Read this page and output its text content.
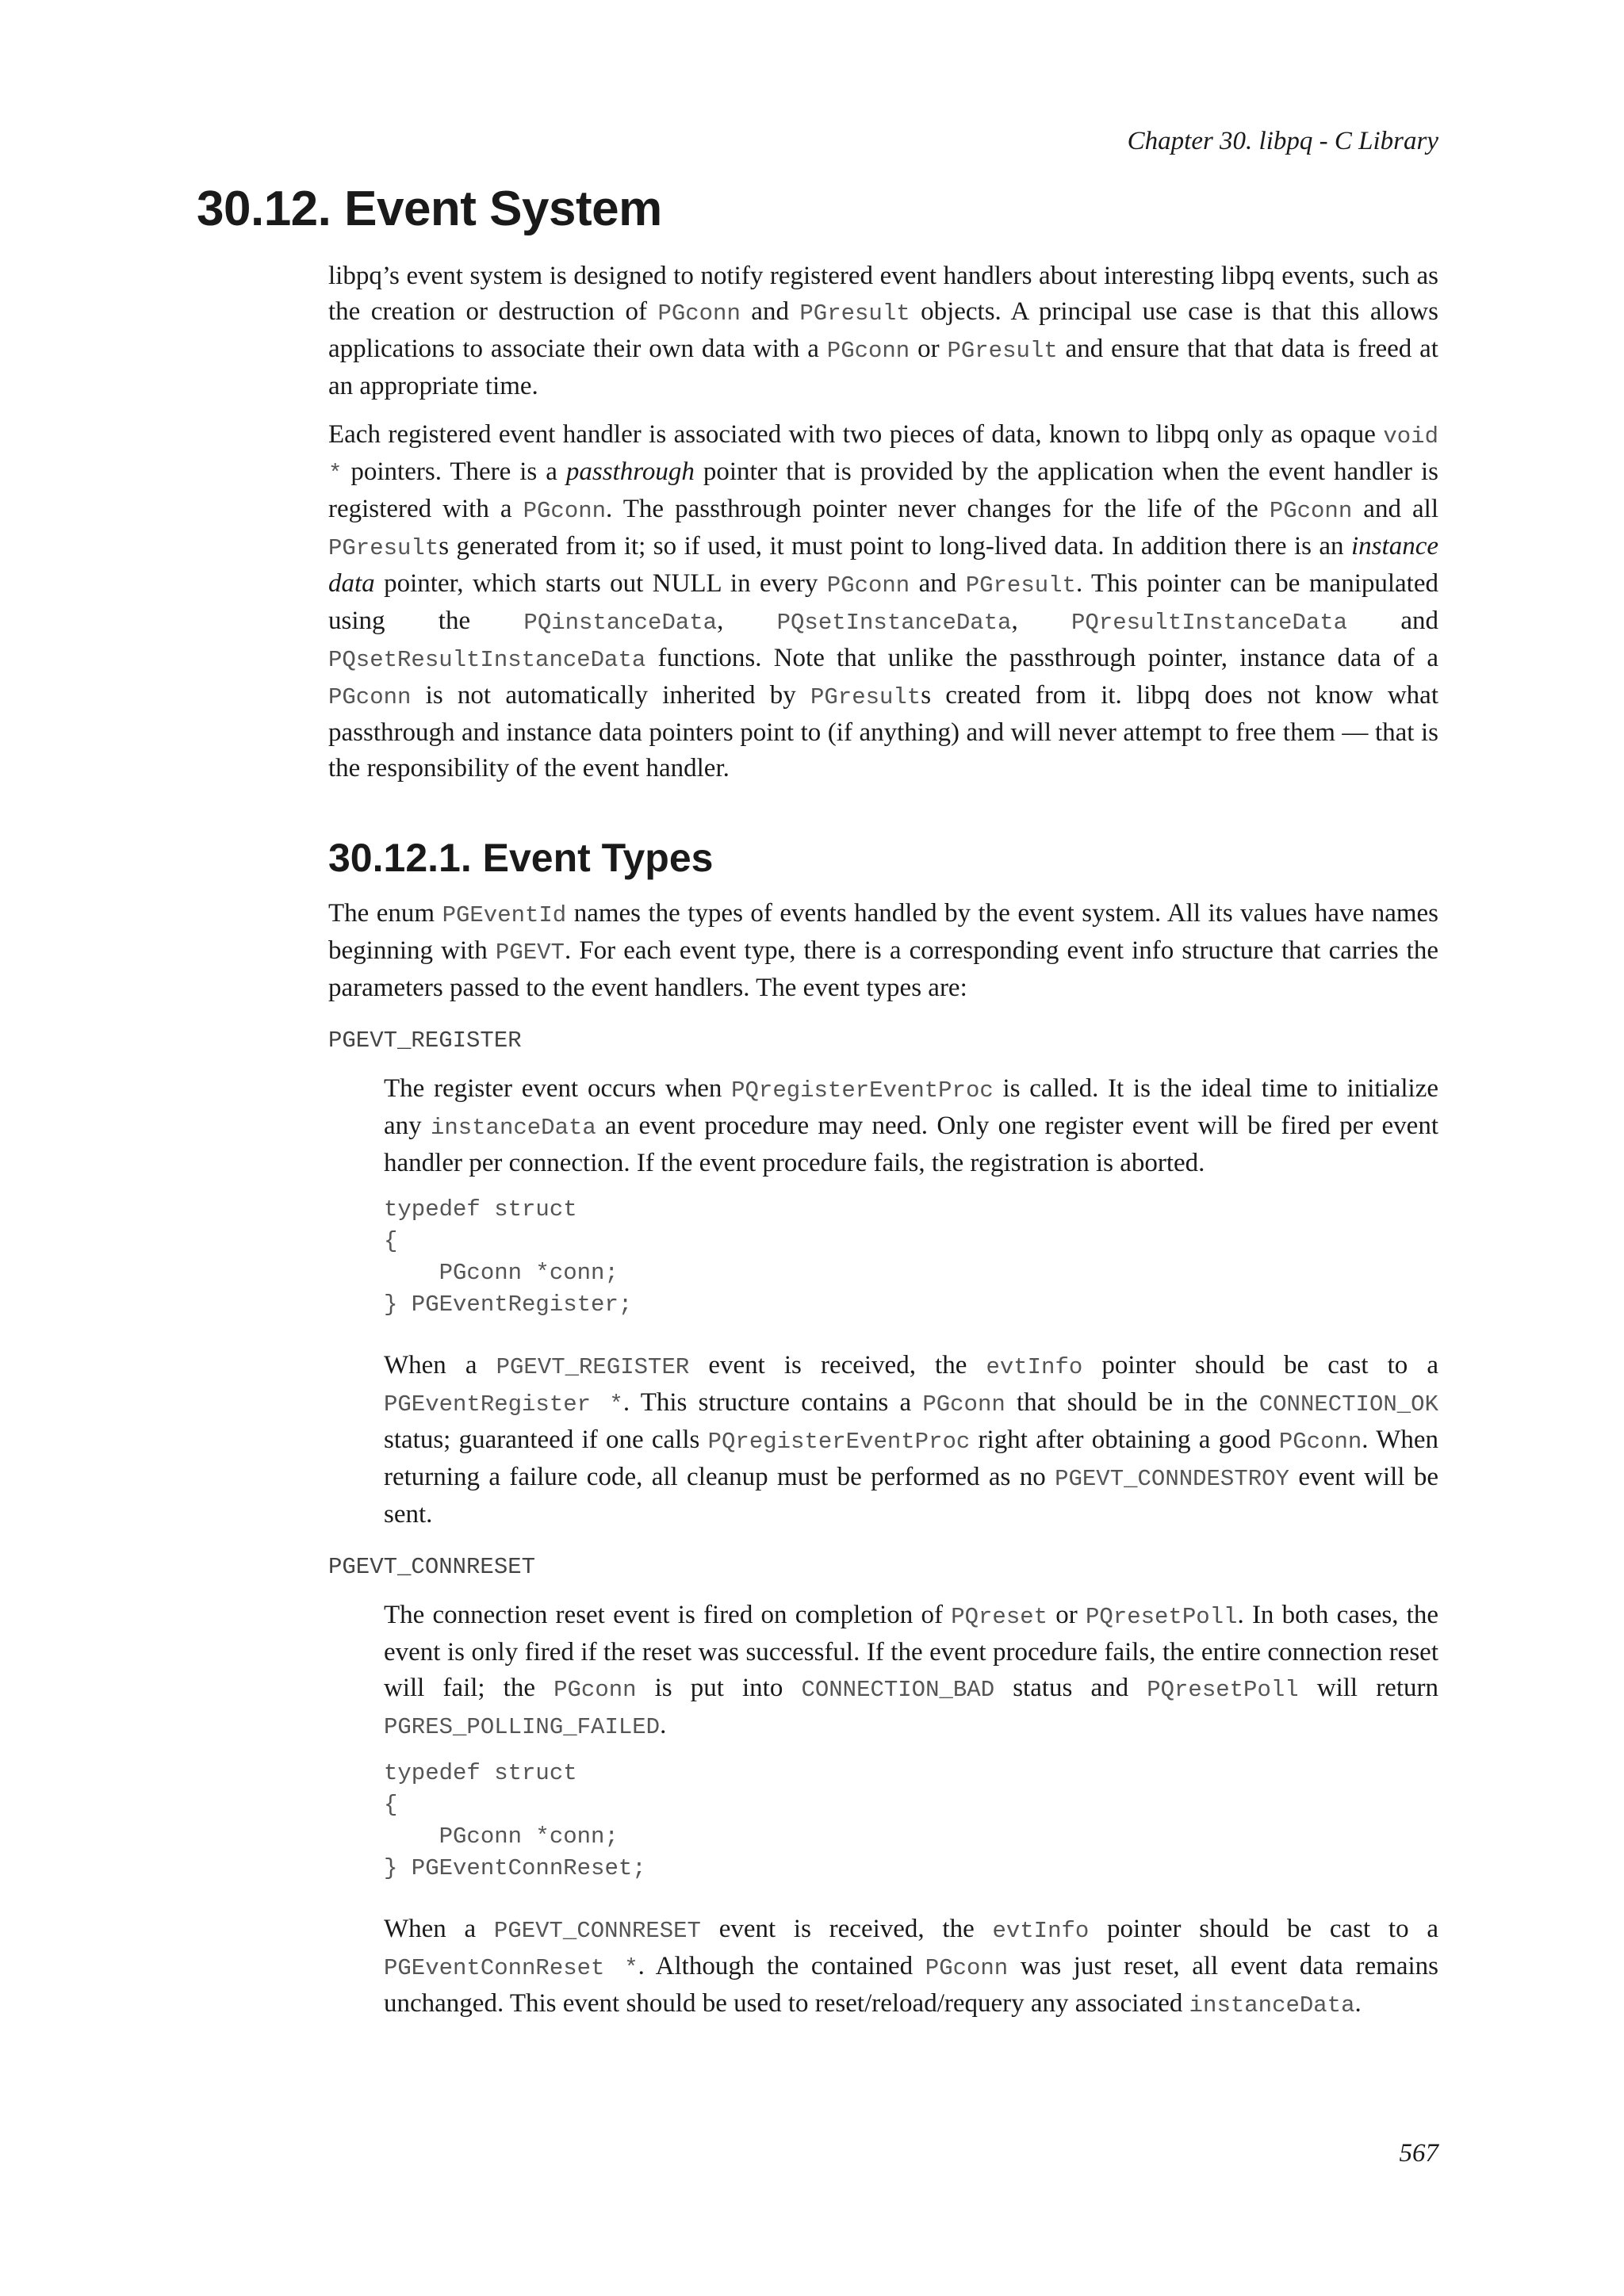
Chapter 30. libpq - C Library
30.12. Event System

libpq’s event system is designed to notify registered event handlers about interesting libpq events, such as the creation or destruction of PGconn and PGresult objects. A principal use case is that this allows applications to associate their own data with a PGconn or PGresult and ensure that that data is freed at an appropriate time.

Each registered event handler is associated with two pieces of data, known to libpq only as opaque void * pointers. There is a passthrough pointer that is provided by the application when the event handler is registered with a PGconn. The passthrough pointer never changes for the life of the PGconn and all PGresults generated from it; so if used, it must point to long-lived data. In addition there is an instance data pointer, which starts out NULL in every PGconn and PGresult. This pointer can be manipulated using the PQinstanceData, PQsetInstanceData, PQresultInstanceData and PQsetResultInstanceData functions. Note that unlike the passthrough pointer, instance data of a PGconn is not automatically inherited by PGresults created from it. libpq does not know what passthrough and instance data pointers point to (if anything) and will never attempt to free them — that is the responsibility of the event handler.

30.12.1. Event Types

The enum PGEventId names the types of events handled by the event system. All its values have names beginning with PGEVT. For each event type, there is a corresponding event info structure that carries the parameters passed to the event handlers. The event types are:

PGEVT_REGISTER

The register event occurs when PQregisterEventProc is called. It is the ideal time to initialize any instanceData an event procedure may need. Only one register event will be fired per event handler per connection. If the event procedure fails, the registration is aborted.

typedef struct
{
PGconn *conn;
} PGEventRegister;

When a PGEVT_REGISTER event is received, the evtInfo pointer should be cast to a PGEventRegister *. This structure contains a PGconn that should be in the CONNECTION_OK status; guaranteed if one calls PQregisterEventProc right after obtaining a good PGconn. When returning a failure code, all cleanup must be performed as no PGEVT_CONNDESTROY event will be sent.

PGEVT_CONNRESET

The connection reset event is fired on completion of PQreset or PQresetPoll. In both cases, the event is only fired if the reset was successful. If the event procedure fails, the entire connection reset will fail; the PGconn is put into CONNECTION_BAD status and PQresetPoll will return PGRES_POLLING_FAILED.

typedef struct
{
PGconn *conn;
} PGEventConnReset;

When a PGEVT_CONNRESET event is received, the evtInfo pointer should be cast to a PGEventConnReset *. Although the contained PGconn was just reset, all event data remains unchanged. This event should be used to reset/reload/requery any associated instanceData.

567
